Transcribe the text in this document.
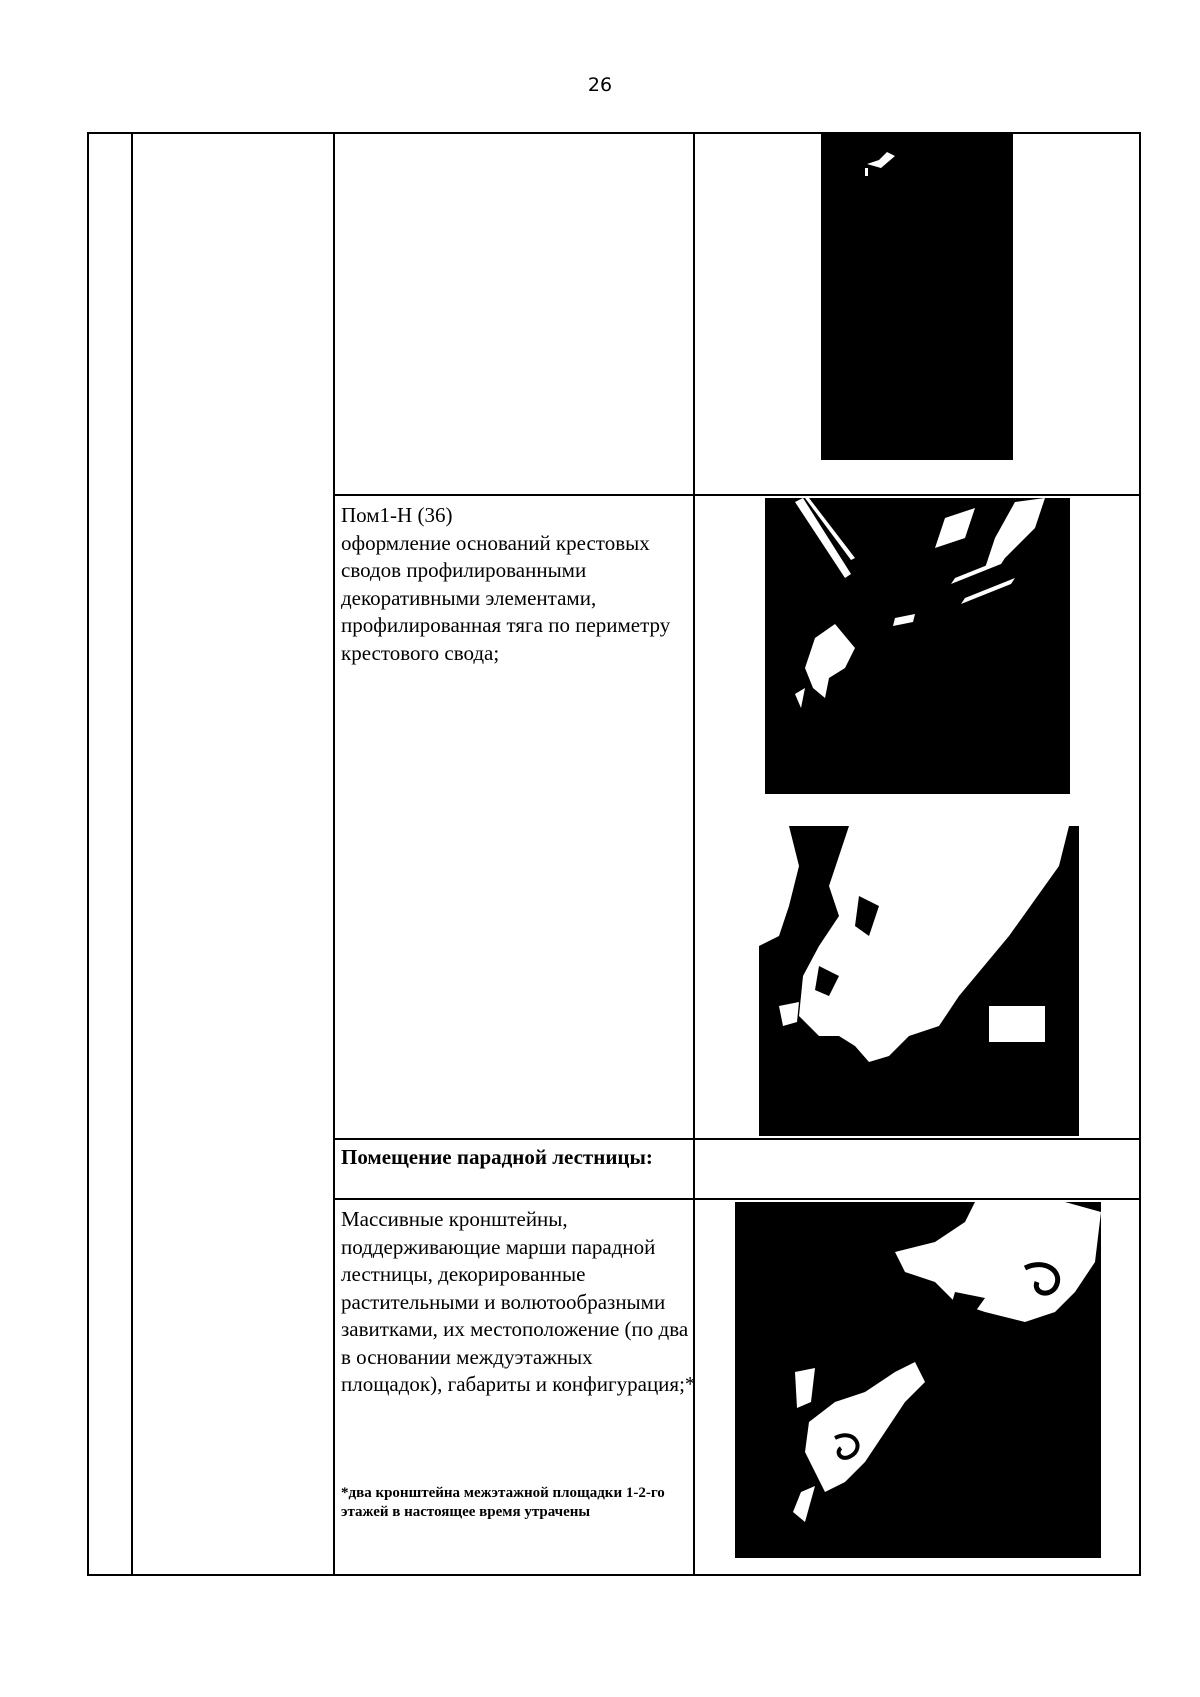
26
Пом1-Н (36)
оформление оснований крестовых сводов профилированными декоративными элементами, профилированная тяга по периметру крестового свода;
Помещение парадной лестницы:
Массивные кронштейны, поддерживающие марши парадной лестницы, декорированные растительными и волютообразными завитками, их местоположение (по два в основании междуэтажных площадок), габариты и конфигурация;*
*два кронштейна межэтажной площадки 1-2-го этажей в настоящее время утрачены
